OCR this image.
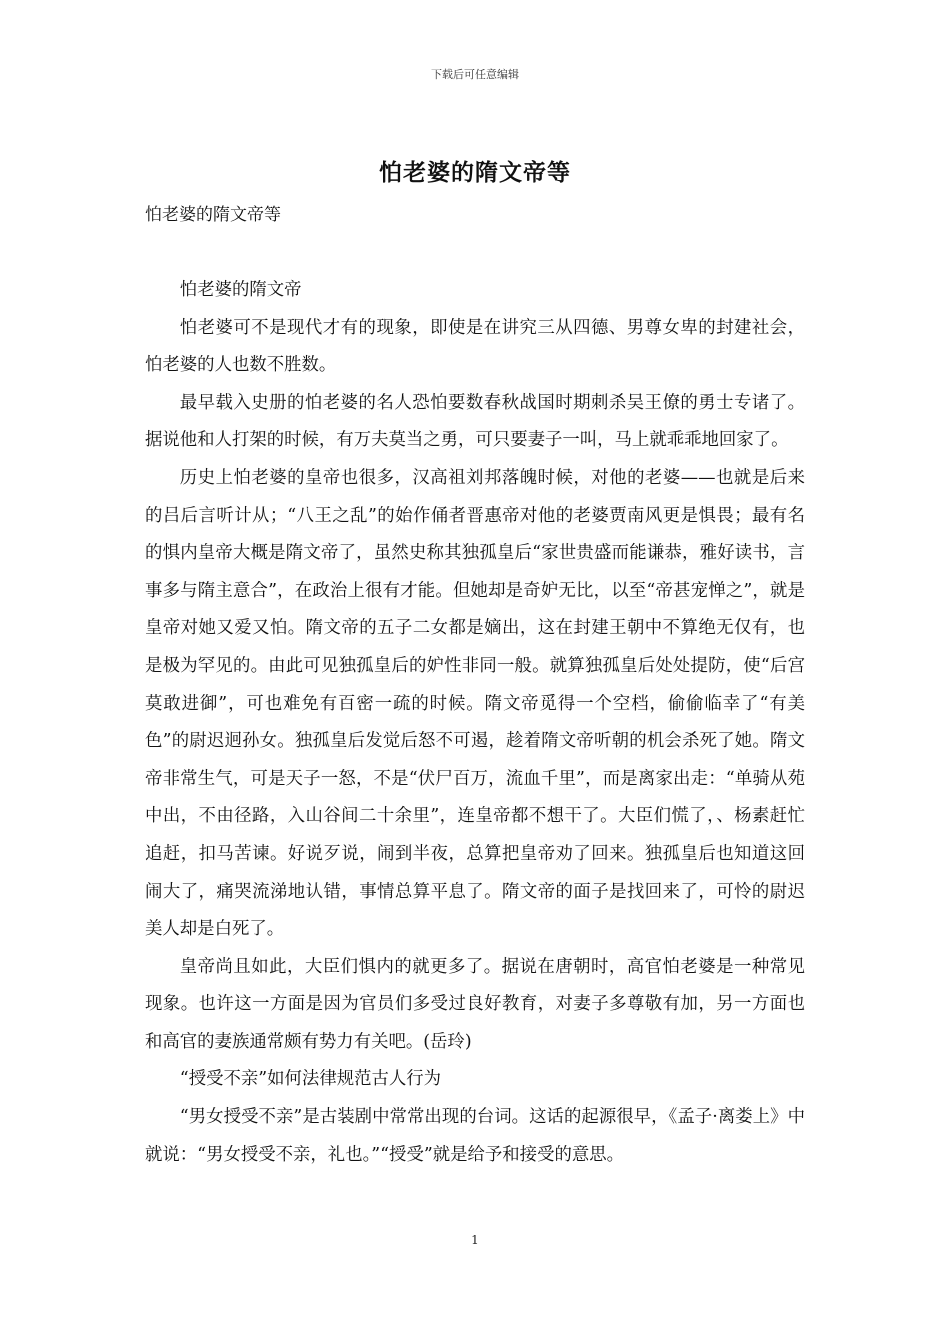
下载后可任意编辑
怕老婆的隋文帝等
怕老婆的隋文帝等

怕老婆的隋文帝

怕老婆可不是现代才有的现象，即使是在讲究三从四德、男尊女卑的封建社会，怕老婆的人也数不胜数。

最早载入史册的怕老婆的名人恐怕要数春秋战国时期刺杀吴王僚的勇士专诸了。据说他和人打架的时候，有万夫莫当之勇，可只要妻子一叫，马上就乖乖地回家了。

历史上怕老婆的皇帝也很多，汉高祖刘邦落魄时候，对他的老婆——也就是后来的吕后言听计从；“八王之乱”的始作俑者晋惠帝对他的老婆贾南风更是惧畏；最有名的惧内皇帝大概是隋文帝了，虽然史称其独孤皇后“家世贵盛而能谦恭，雅好读书，言事多与隋主意合”，在政治上很有才能。但她却是奇妒无比，以至“帝甚宠惮之”，就是皇帝对她又爱又怕。隋文帝的五子二女都是嫡出，这在封建王朝中不算绝无仅有，也是极为罕见的。由此可见独孤皇后的妒性非同一般。就算独孤皇后处处提防，使“后宫莫敢进御”，可也难免有百密一疏的时候。隋文帝觅得一个空档，偷偷临幸了“有美色”的尉迟迥孙女。独孤皇后发觉后怒不可遏，趁着隋文帝听朝的机会杀死了她。隋文帝非常生气，可是天子一怒，不是“伏尸百万，流血千里”，而是离家出走：“单骑从苑中出，不由径路，入山谷间二十余里”，连皇帝都不想干了。大臣们慌了，、杨素赶忙追赶，扣马苦谏。好说歹说，闹到半夜，总算把皇帝劝了回来。独孤皇后也知道这回闹大了，痛哭流涕地认错，事情总算平息了。隋文帝的面子是找回来了，可怜的尉迟美人却是白死了。

皇帝尚且如此，大臣们惧内的就更多了。据说在唐朝时，高官怕老婆是一种常见现象。也许这一方面是因为官员们多受过良好教育，对妻子多尊敬有加，另一方面也和高官的妻族通常颇有势力有关吧。(岳玲)

“授受不亲”如何法律规范古人行为

“男女授受不亲”是古装剧中常常出现的台词。这话的起源很早，《孟子·离娄上》中就说：“男女授受不亲，礼也。”“授受”就是给予和接受的意思。

1
